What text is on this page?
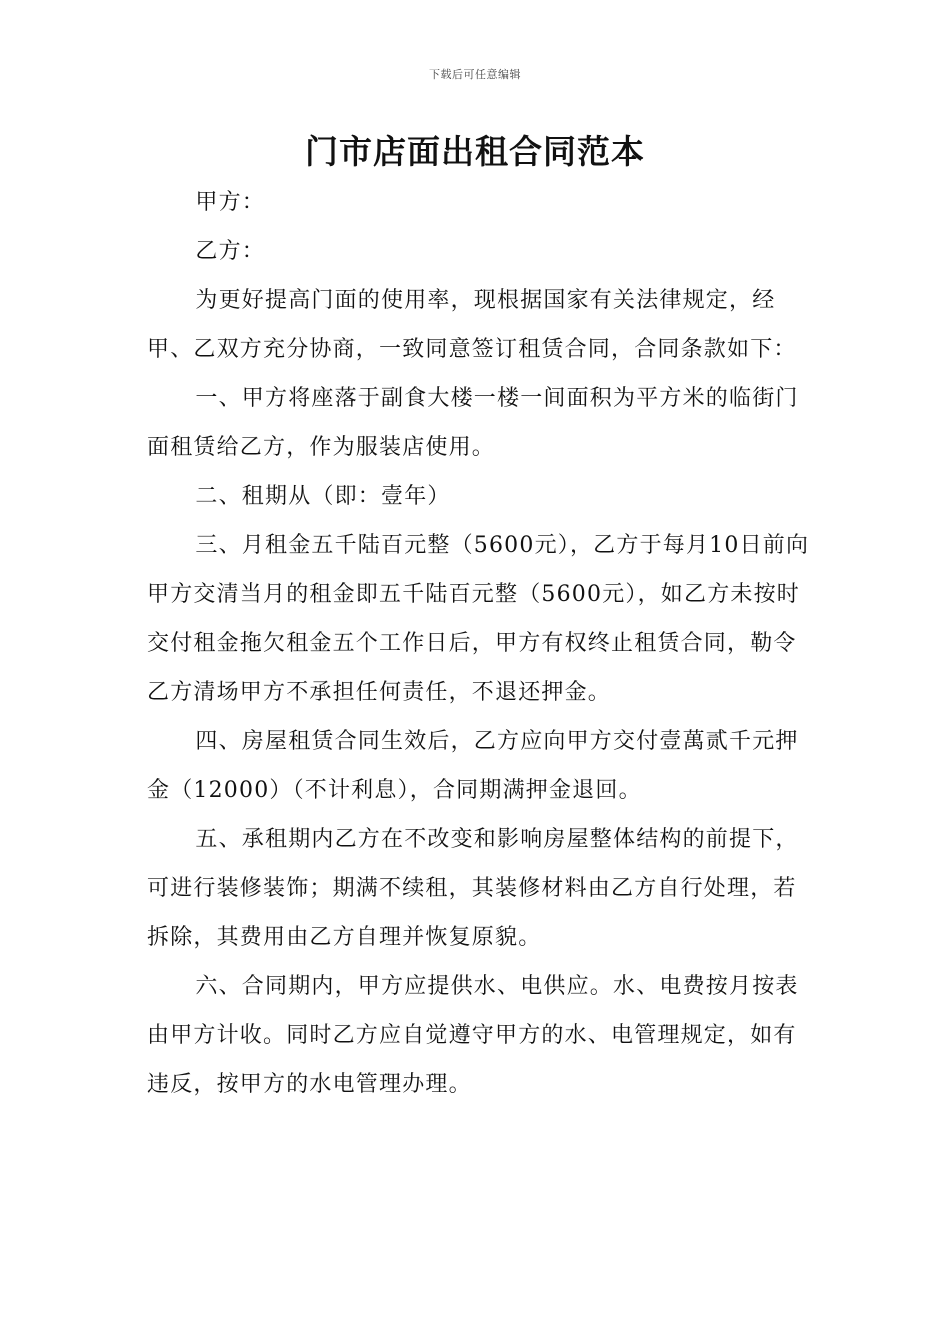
下载后可任意编辑
门市店面出租合同范本

甲方：

乙方：

为更好提高门面的使用率，现根据国家有关法律规定，经甲、乙双方充分协商，一致同意签订租赁合同，合同条款如下：

一、甲方将座落于副食大楼一楼一间面积为平方米的临街门面租赁给乙方，作为服装店使用。

二、租期从（即：壹年）

三、月租金五千陆百元整（5600元），乙方于每月10日前向甲方交清当月的租金即五千陆百元整（5600元），如乙方未按时交付租金拖欠租金五个工作日后，甲方有权终止租赁合同，勒令乙方清场甲方不承担任何责任，不退还押金。

四、房屋租赁合同生效后，乙方应向甲方交付壹萬贰千元押金（12000）（不计利息），合同期满押金退回。

五、承租期内乙方在不改变和影响房屋整体结构的前提下，可进行装修装饰；期满不续租，其装修材料由乙方自行处理，若拆除，其费用由乙方自理并恢复原貌。

六、合同期内，甲方应提供水、电供应。水、电费按月按表由甲方计收。同时乙方应自觉遵守甲方的水、电管理规定，如有违反，按甲方的水电管理办理。
